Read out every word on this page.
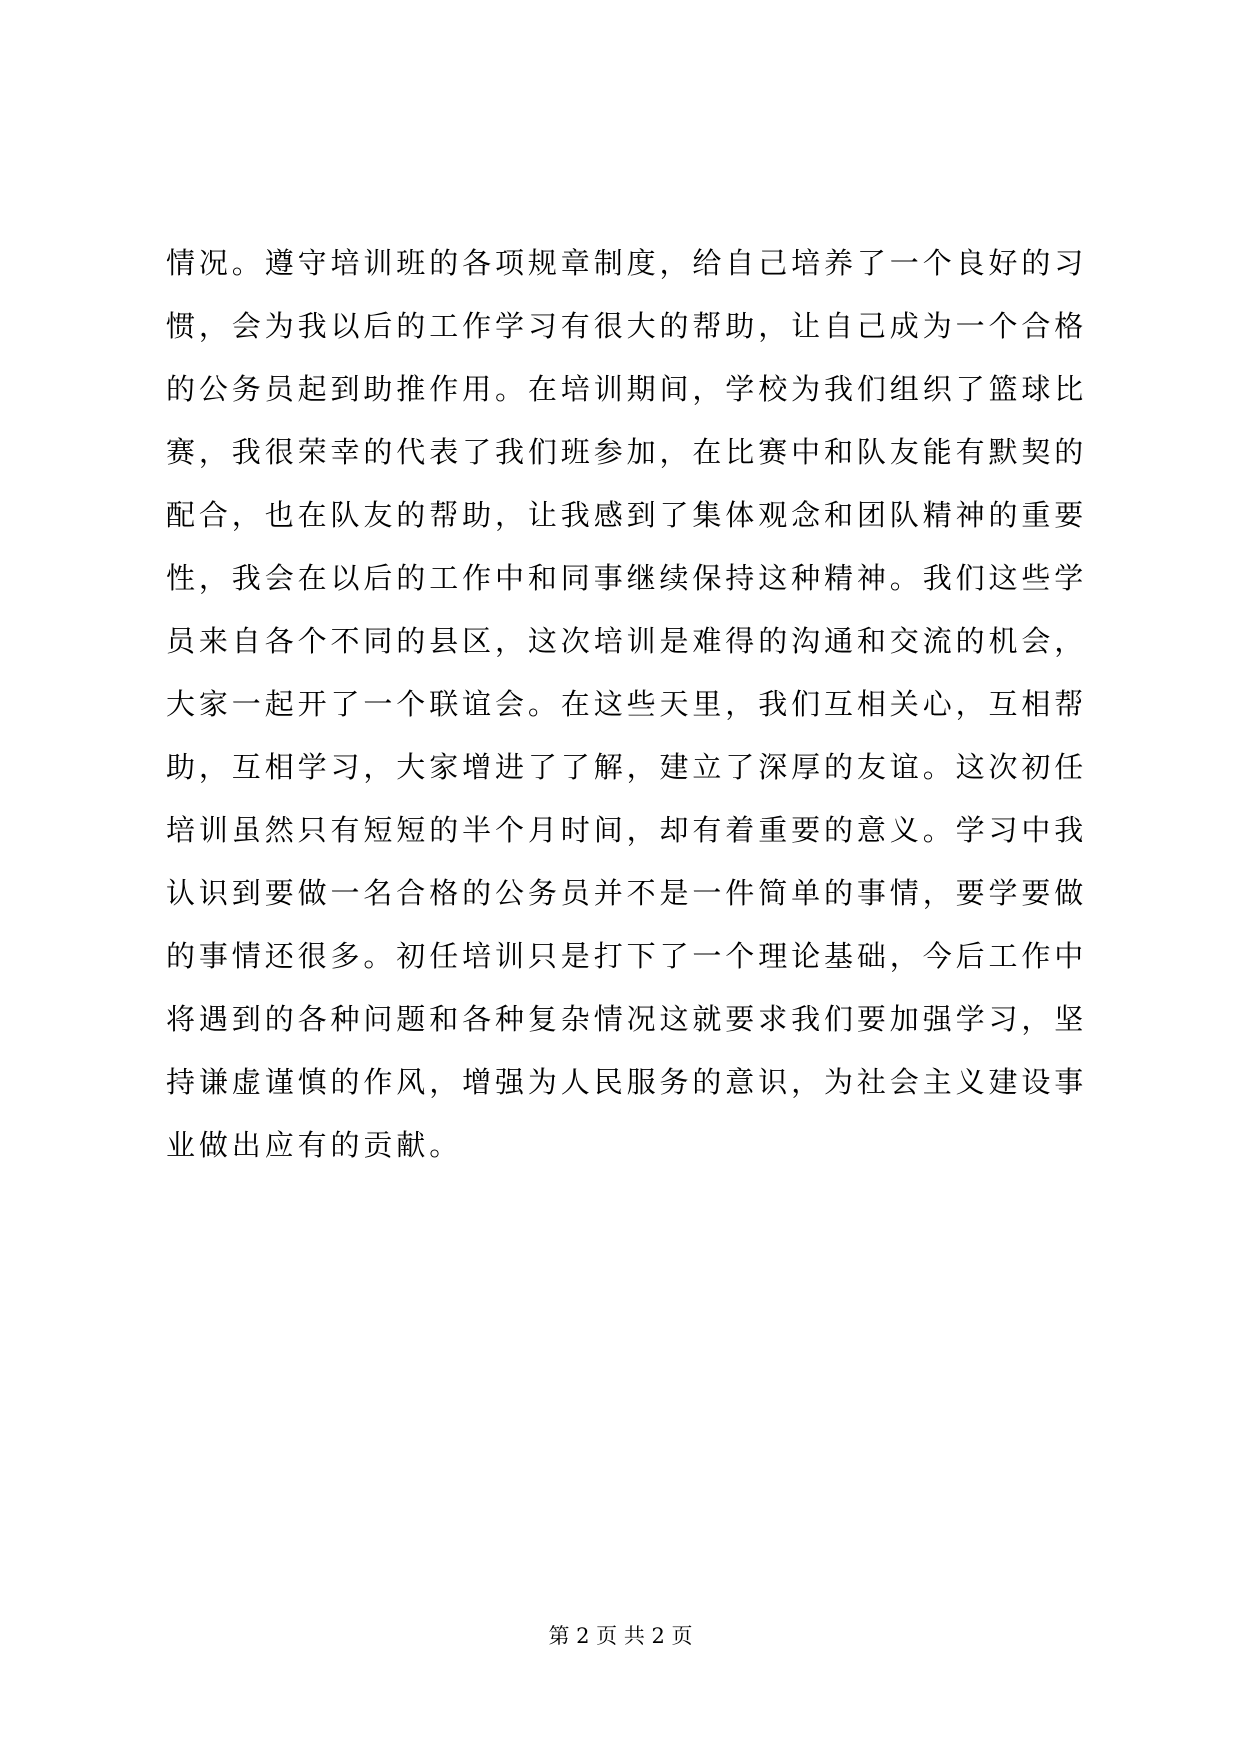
情况。遵守培训班的各项规章制度，给自己培养了一个良好的习
惯，会为我以后的工作学习有很大的帮助，让自己成为一个合格
的公务员起到助推作用。在培训期间，学校为我们组织了篮球比
赛，我很荣幸的代表了我们班参加，在比赛中和队友能有默契的
配合，也在队友的帮助，让我感到了集体观念和团队精神的重要
性，我会在以后的工作中和同事继续保持这种精神。我们这些学
员来自各个不同的县区，这次培训是难得的沟通和交流的机会，
大家一起开了一个联谊会。在这些天里，我们互相关心，互相帮
助，互相学习，大家增进了了解，建立了深厚的友谊。这次初任
培训虽然只有短短的半个月时间，却有着重要的意义。学习中我
认识到要做一名合格的公务员并不是一件简单的事情，要学要做
的事情还很多。初任培训只是打下了一个理论基础，今后工作中
将遇到的各种问题和各种复杂情况这就要求我们要加强学习，坚
持谦虚谨慎的作风，增强为人民服务的意识，为社会主义建设事
业做出应有的贡献。
第 2 页 共 2 页
